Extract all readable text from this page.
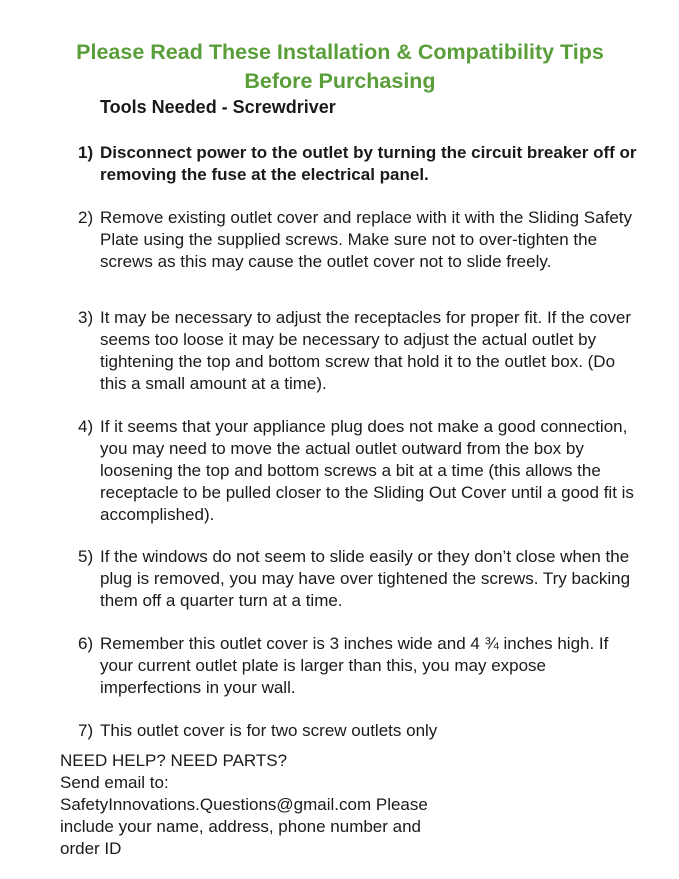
Please Read These Installation & Compatibility Tips
Before Purchasing
Tools Needed - Screwdriver
1) Disconnect power to the outlet by turning the circuit breaker off or removing the fuse at the electrical panel.
2) Remove existing outlet cover and replace with it with the Sliding Safety Plate using the supplied screws. Make sure not to over-tighten the screws as this may cause the outlet cover not to slide freely.
3) It may be necessary to adjust the receptacles for proper fit. If the cover seems too loose it may be necessary to adjust the actual outlet by tightening the top and bottom screw that hold it to the outlet box. (Do this a small amount at a time).
4) If it seems that your appliance plug does not make a good connection, you may need to move the actual outlet outward from the box by loosening the top and bottom screws a bit at a time (this allows the receptacle to be pulled closer to the Sliding Out Cover until a good fit is accomplished).
5) If the windows do not seem to slide easily or they don’t close when the plug is removed, you may have over tightened the screws. Try backing them off a quarter turn at a time.
6) Remember this outlet cover is 3 inches wide and 4 ¾ inches high. If your current outlet plate is larger than this, you may expose imperfections in your wall.
7) This outlet cover is for two screw outlets only
NEED HELP? NEED PARTS?
Send email to:
SafetyInnovations.Questions@gmail.com Please
include your name, address, phone number and
order ID
